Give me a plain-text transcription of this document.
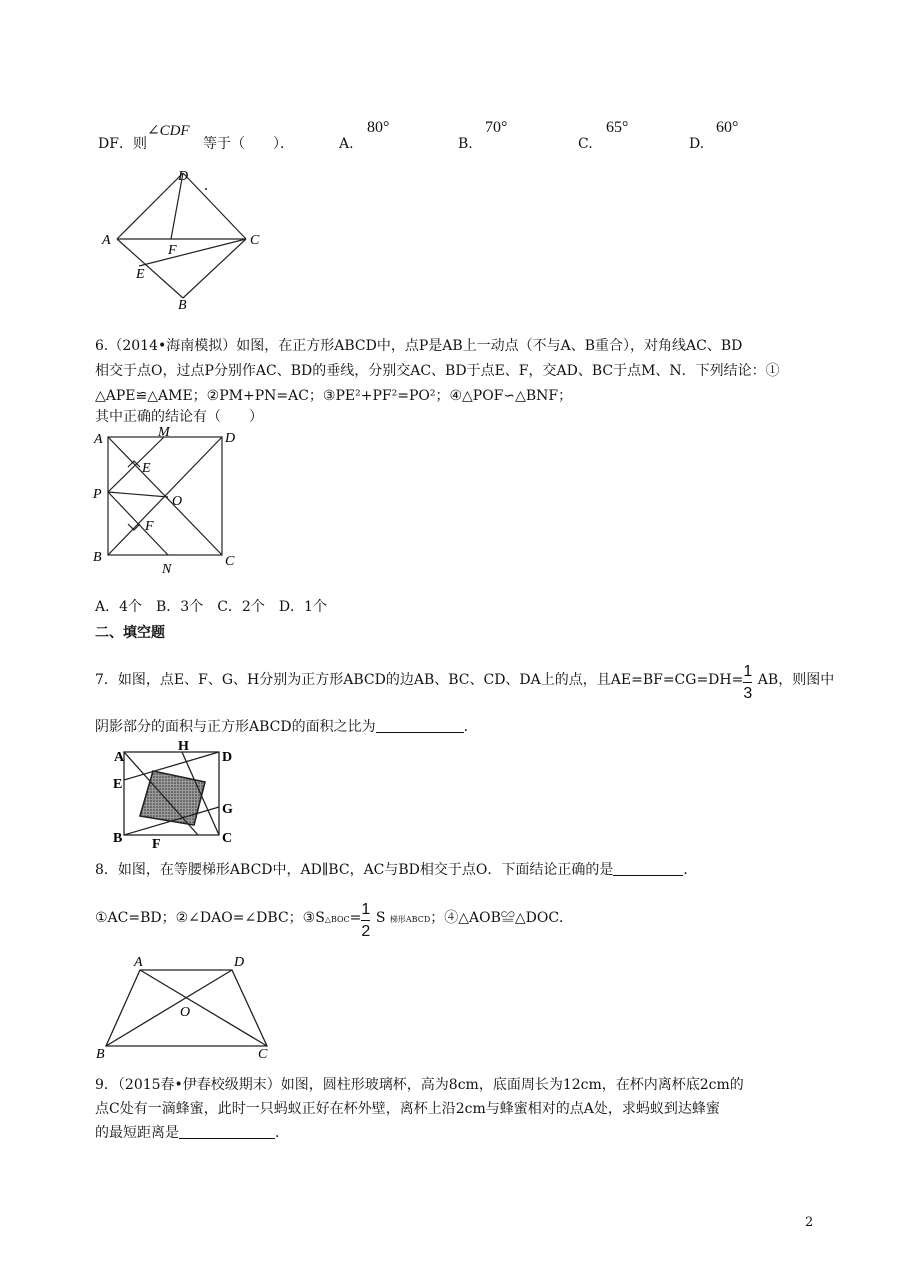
DF．则
∠CDF
等于（　　）．	A.
80°
B.
70°
C.
65°
D.
60°
D
A	C
F
E
B
6.（2014•海南模拟）如图，在正方形ABCD中，点P是AB上一动点（不与A、B重合），对角线AC、BD
相交于点O，过点P分别作AC、BD的垂线，分别交AC、BD于点E、F，交AD、BC于点M、N．下列结论：①
△APE≌△AME；②PM+PN=AC；③PE²+PF²=PO²；④△POF∽△BNF；
其中正确的结论有（　　）
A	M	D
E
P	O
F
B
N
C
A．4个　B．3个　C．2个　D．1个
二、填空题
7．如图，点E、F、G、H分别为正方形ABCD的边AB、BC、CD、DA上的点，且AE=BF=CG=DH=
$\frac{1}{3}$
AB，则图中
阴影部分的面积与正方形ABCD的面积之比为	．
A
H
D
E
G
B F	C
8．如图，在等腰梯形ABCD中，AD∥BC，AC与BD相交于点O．下面结论正确的是	．
①AC=BD；②∠DAO=∠DBC；③S△BOC=
$\frac{1}{2}$
S 梯形ABCD；④△AOB≌△DOC．
A	D
O
B	C
9．（2015春•伊春校级期末）如图，圆柱形玻璃杯，高为8cm，底面周长为12cm，在杯内离杯底2cm的
点C处有一滴蜂蜜，此时一只蚂蚁正好在杯外壁，离杯上沿2cm与蜂蜜相对的点A处，求蚂蚁到达蜂蜜
的最短距离是	．
2
